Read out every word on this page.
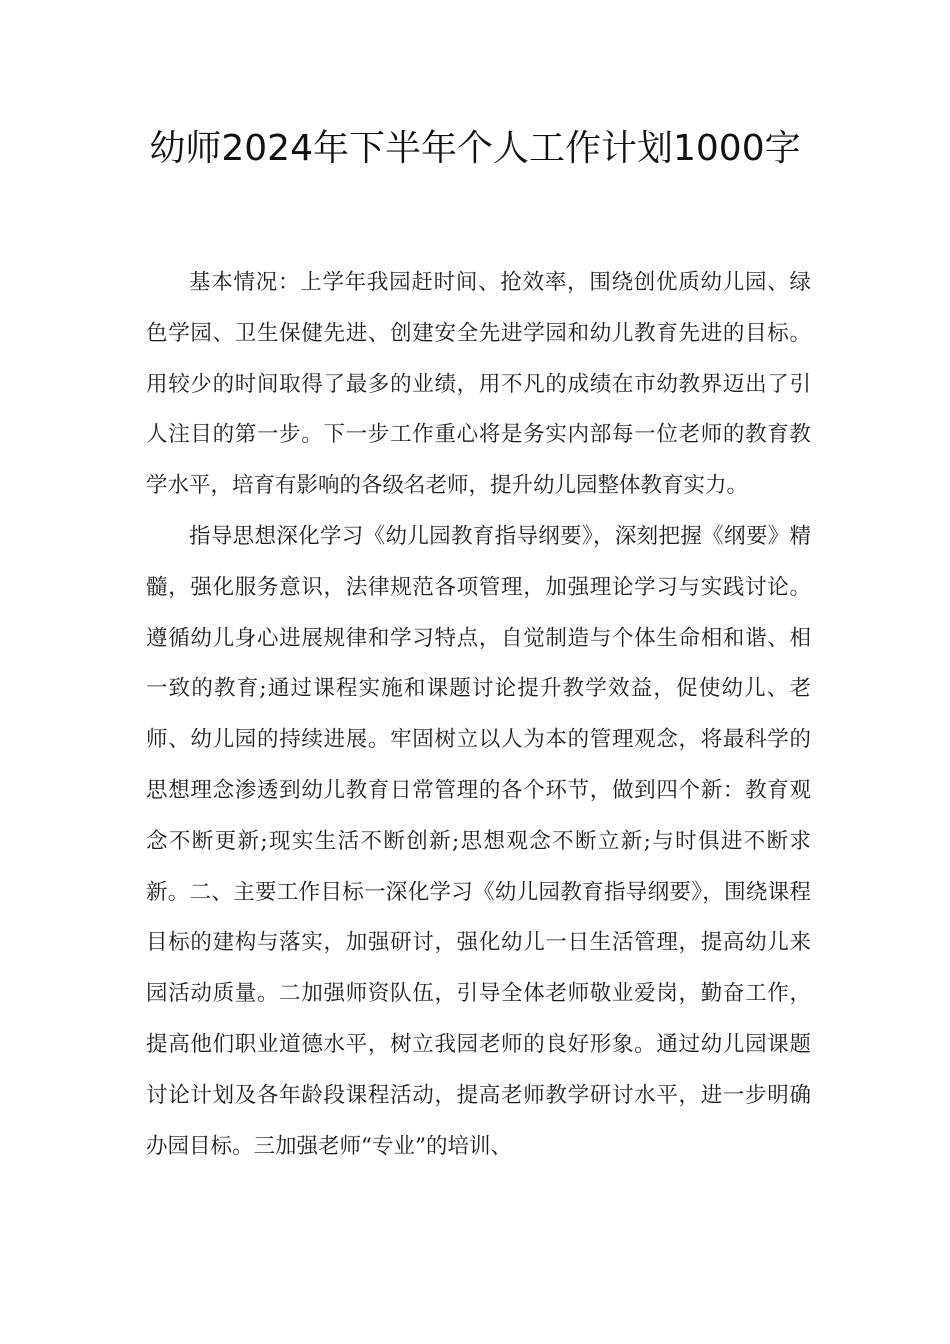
幼师2024年下半年个人工作计划1000字

基本情况：上学年我园赶时间、抢效率，围绕创优质幼儿园、绿色学园、卫生保健先进、创建安全先进学园和幼儿教育先进的目标。用较少的时间取得了最多的业绩，用不凡的成绩在市幼教界迈出了引人注目的第一步。下一步工作重心将是务实内部每一位老师的教育教学水平，培育有影响的各级名老师，提升幼儿园整体教育实力。

指导思想深化学习《幼儿园教育指导纲要》，深刻把握《纲要》精髓，强化服务意识，法律规范各项管理，加强理论学习与实践讨论。遵循幼儿身心进展规律和学习特点，自觉制造与个体生命相和谐、相一致的教育;通过课程实施和课题讨论提升教学效益，促使幼儿、老师、幼儿园的持续进展。牢固树立以人为本的管理观念，将最科学的思想理念渗透到幼儿教育日常管理的各个环节，做到四个新：教育观念不断更新;现实生活不断创新;思想观念不断立新;与时俱进不断求新。二、主要工作目标一深化学习《幼儿园教育指导纲要》，围绕课程目标的建构与落实，加强研讨，强化幼儿一日生活管理，提高幼儿来园活动质量。二加强师资队伍，引导全体老师敬业爱岗，勤奋工作，提高他们职业道德水平，树立我园老师的良好形象。通过幼儿园课题讨论计划及各年龄段课程活动，提高老师教学研讨水平，进一步明确办园目标。三加强老师“专业”的培训、
